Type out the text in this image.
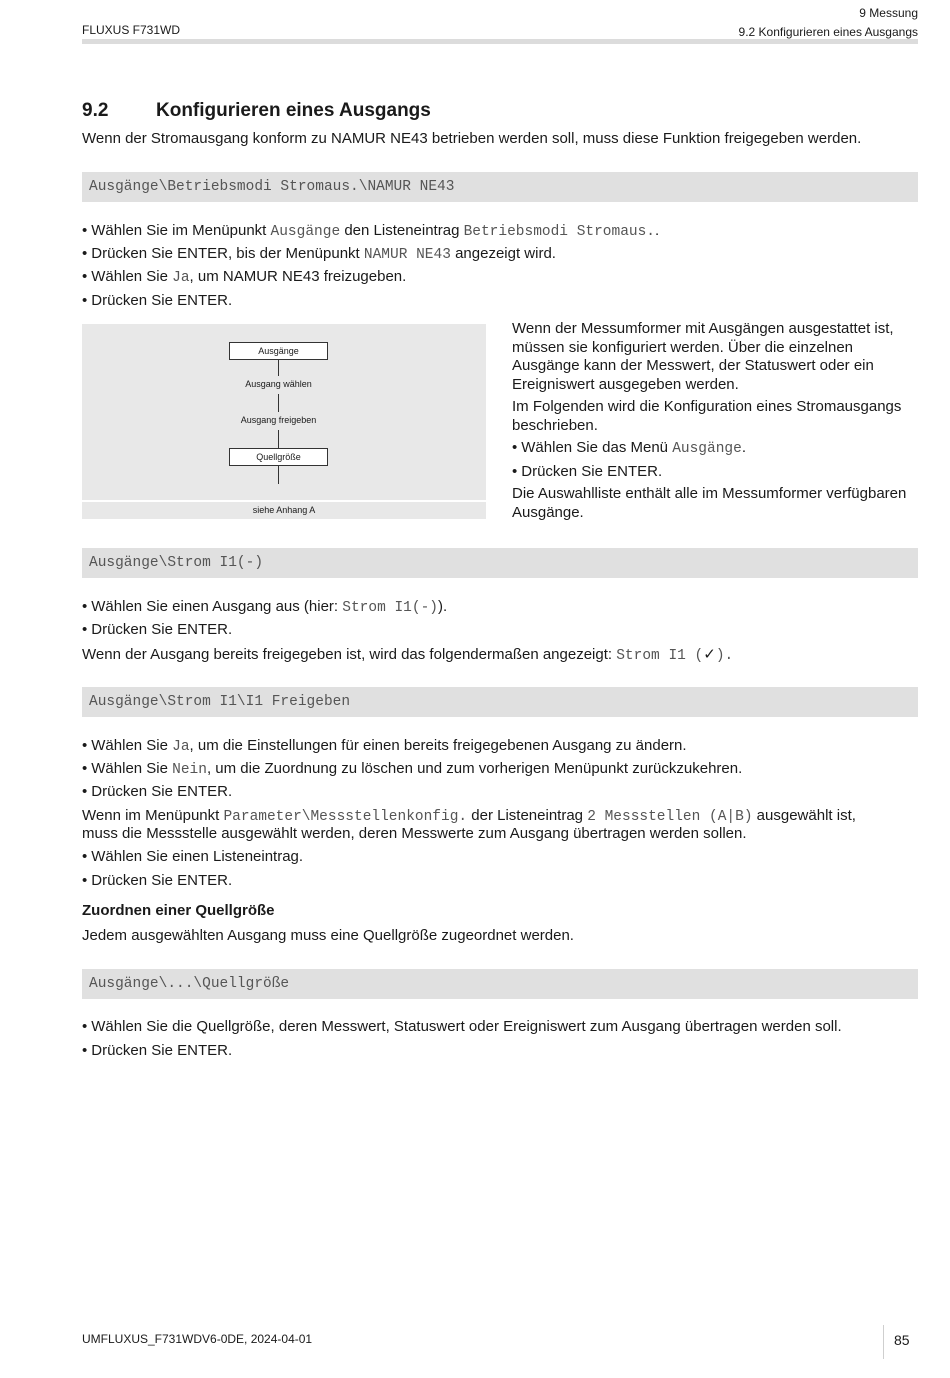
FLUXUS F731WD
9 Messung
9.2 Konfigurieren eines Ausgangs
9.2	Konfigurieren eines Ausgangs
Wenn der Stromausgang konform zu NAMUR NE43 betrieben werden soll, muss diese Funktion freigegeben werden.
Ausgänge\Betriebsmodi Stromaus.\NAMUR NE43
• Wählen Sie im Menüpunkt Ausgänge den Listeneintrag Betriebsmodi Stromaus..
• Drücken Sie ENTER, bis der Menüpunkt NAMUR NE43 angezeigt wird.
• Wählen Sie Ja, um NAMUR NE43 freizugeben.
• Drücken Sie ENTER.
Ausgänge
Ausgang wählen
Ausgang freigeben
Quellgröße
siehe Anhang A
Wenn der Messumformer mit Ausgängen ausgestattet ist, müssen sie konfiguriert werden. Über die einzelnen Ausgänge kann der Messwert, der Statuswert oder ein Ereigniswert ausgegeben werden.
Im Folgenden wird die Konfiguration eines Stromausgangs beschrieben.
• Wählen Sie das Menü Ausgänge.
• Drücken Sie ENTER.
Die Auswahlliste enthält alle im Messumformer verfügbaren Ausgänge.
Ausgänge\Strom I1(-)
• Wählen Sie einen Ausgang aus (hier: Strom I1(-)).
• Drücken Sie ENTER.
Wenn der Ausgang bereits freigegeben ist, wird das folgendermaßen angezeigt: Strom I1 (✓).
Ausgänge\Strom I1\I1 Freigeben
• Wählen Sie Ja, um die Einstellungen für einen bereits freigegebenen Ausgang zu ändern.
• Wählen Sie Nein, um die Zuordnung zu löschen und zum vorherigen Menüpunkt zurückzukehren.
• Drücken Sie ENTER.
Wenn im Menüpunkt Parameter\Messstellenkonfig. der Listeneintrag 2 Messstellen (A|B) ausgewählt ist,
muss die Messstelle ausgewählt werden, deren Messwerte zum Ausgang übertragen werden sollen.
• Wählen Sie einen Listeneintrag.
• Drücken Sie ENTER.
Zuordnen einer Quellgröße
Jedem ausgewählten Ausgang muss eine Quellgröße zugeordnet werden.
Ausgänge\...\Quellgröße
• Wählen Sie die Quellgröße, deren Messwert, Statuswert oder Ereigniswert zum Ausgang übertragen werden soll.
• Drücken Sie ENTER.
UMFLUXUS_F731WDV6-0DE, 2024-04-01	85
